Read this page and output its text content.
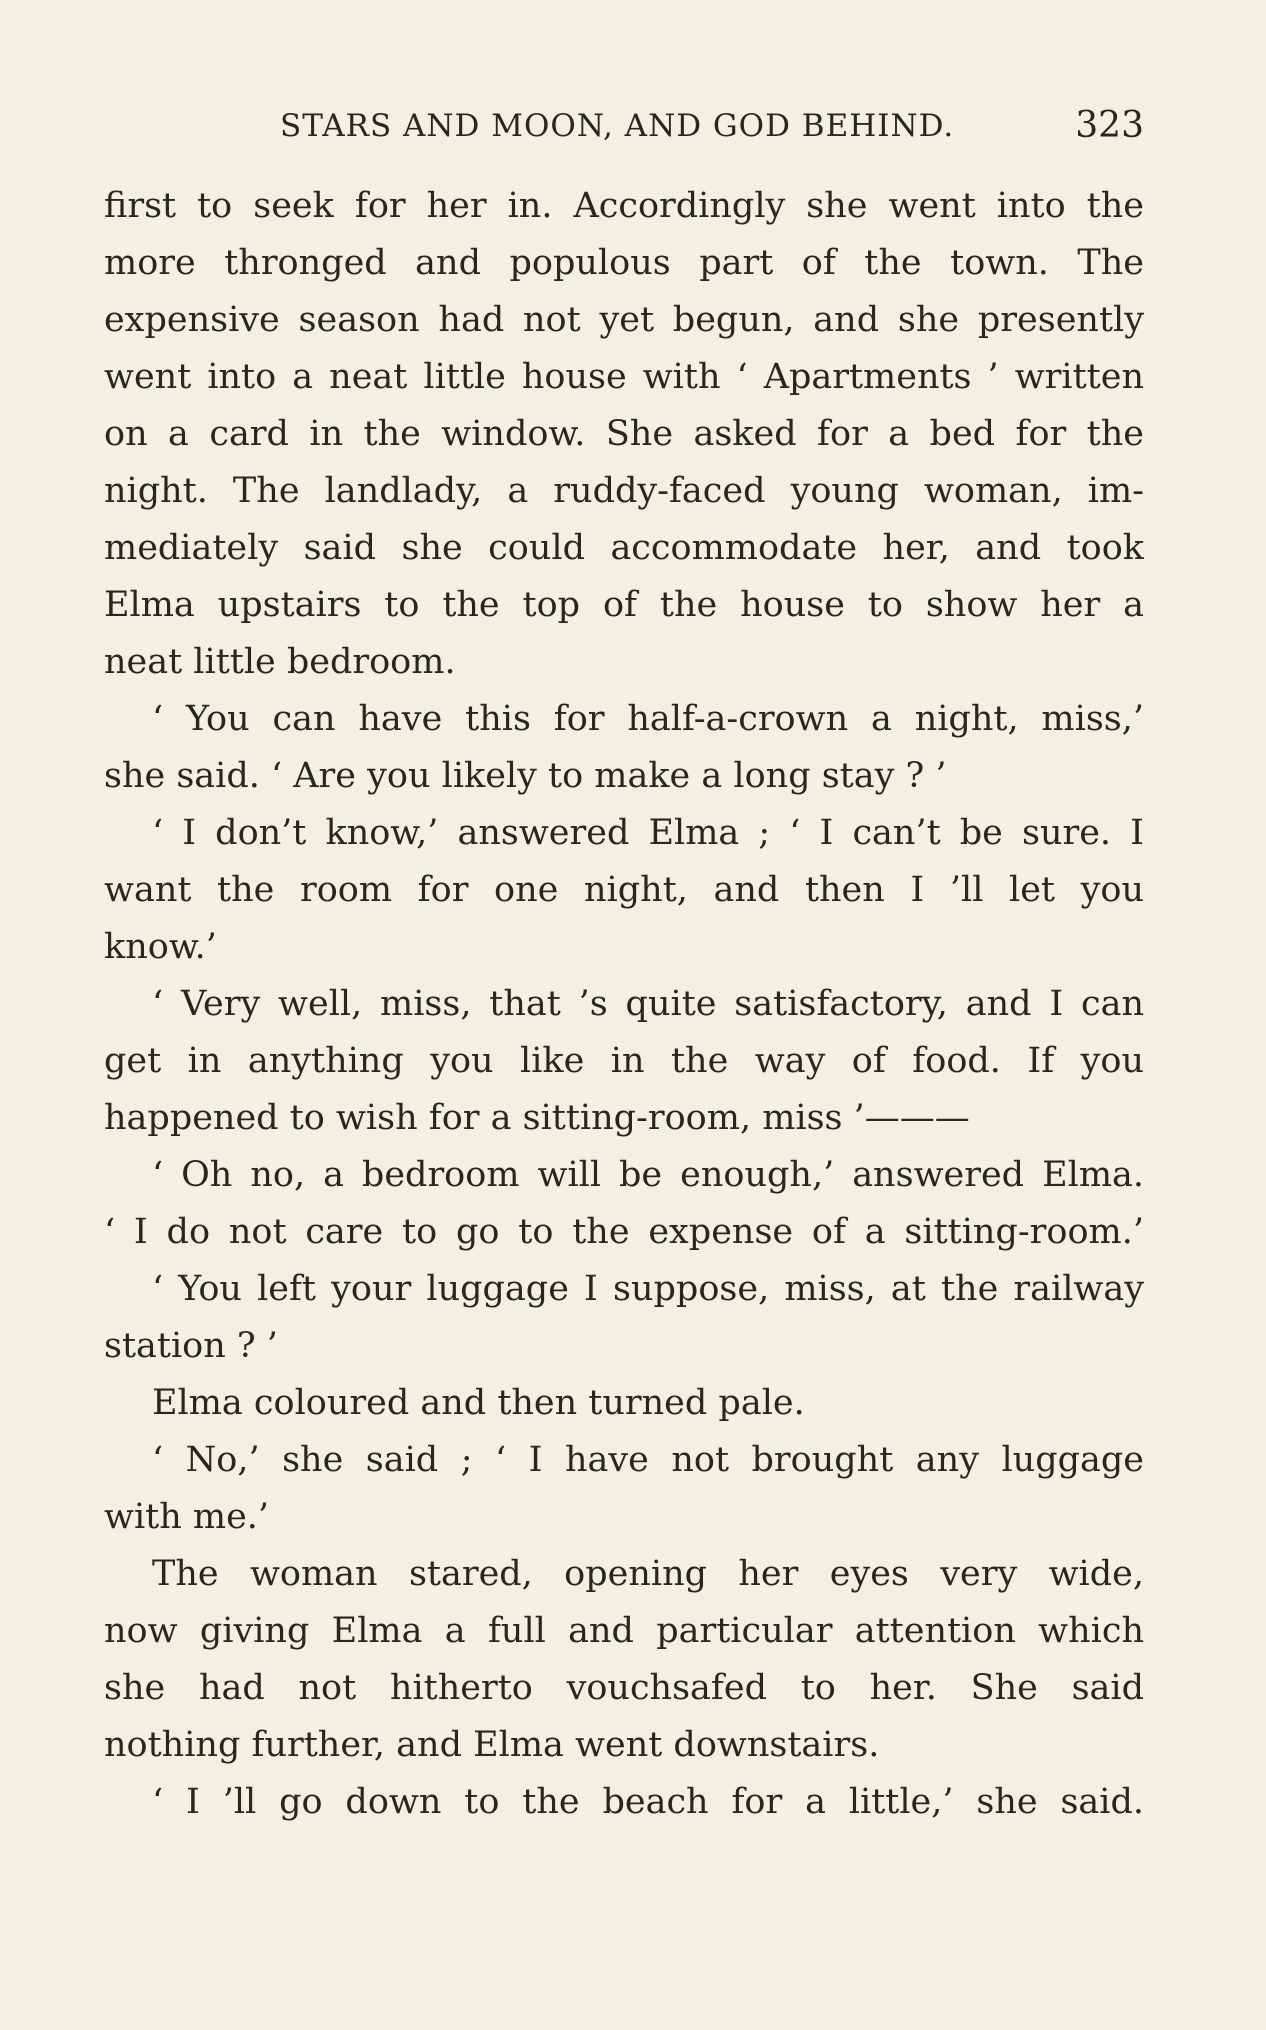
STARS AND MOON, AND GOD BEHIND.	323
first to seek for her in. Accordingly she went into the
more thronged and populous part of the town. The
expensive season had not yet begun, and she presently
went into a neat little house with ‘ Apartments ’ written
on a card in the window. She asked for a bed for the
night. The landlady, a ruddy-faced young woman, im-
mediately said she could accommodate her, and took
Elma upstairs to the top of the house to show her a
neat little bedroom.
‘ You can have this for half-a-crown a night, miss,’
she said. ‘ Are you likely to make a long stay ? ’
‘ I don’t know,’ answered Elma ; ‘ I can’t be sure. I
want the room for one night, and then I ’ll let you
know.’
‘ Very well, miss, that ’s quite satisfactory, and I can
get in anything you like in the way of food. If you
happened to wish for a sitting-room, miss ’———
‘ Oh no, a bedroom will be enough,’ answered Elma.
‘ I do not care to go to the expense of a sitting-room.’
‘ You left your luggage I suppose, miss, at the railway
station ? ’
Elma coloured and then turned pale.
‘ No,’ she said ; ‘ I have not brought any luggage
with me.’
The woman stared, opening her eyes very wide,
now giving Elma a full and particular attention which
she had not hitherto vouchsafed to her. She said
nothing further, and Elma went downstairs.
‘ I ’ll go down to the beach for a little,’ she said.
